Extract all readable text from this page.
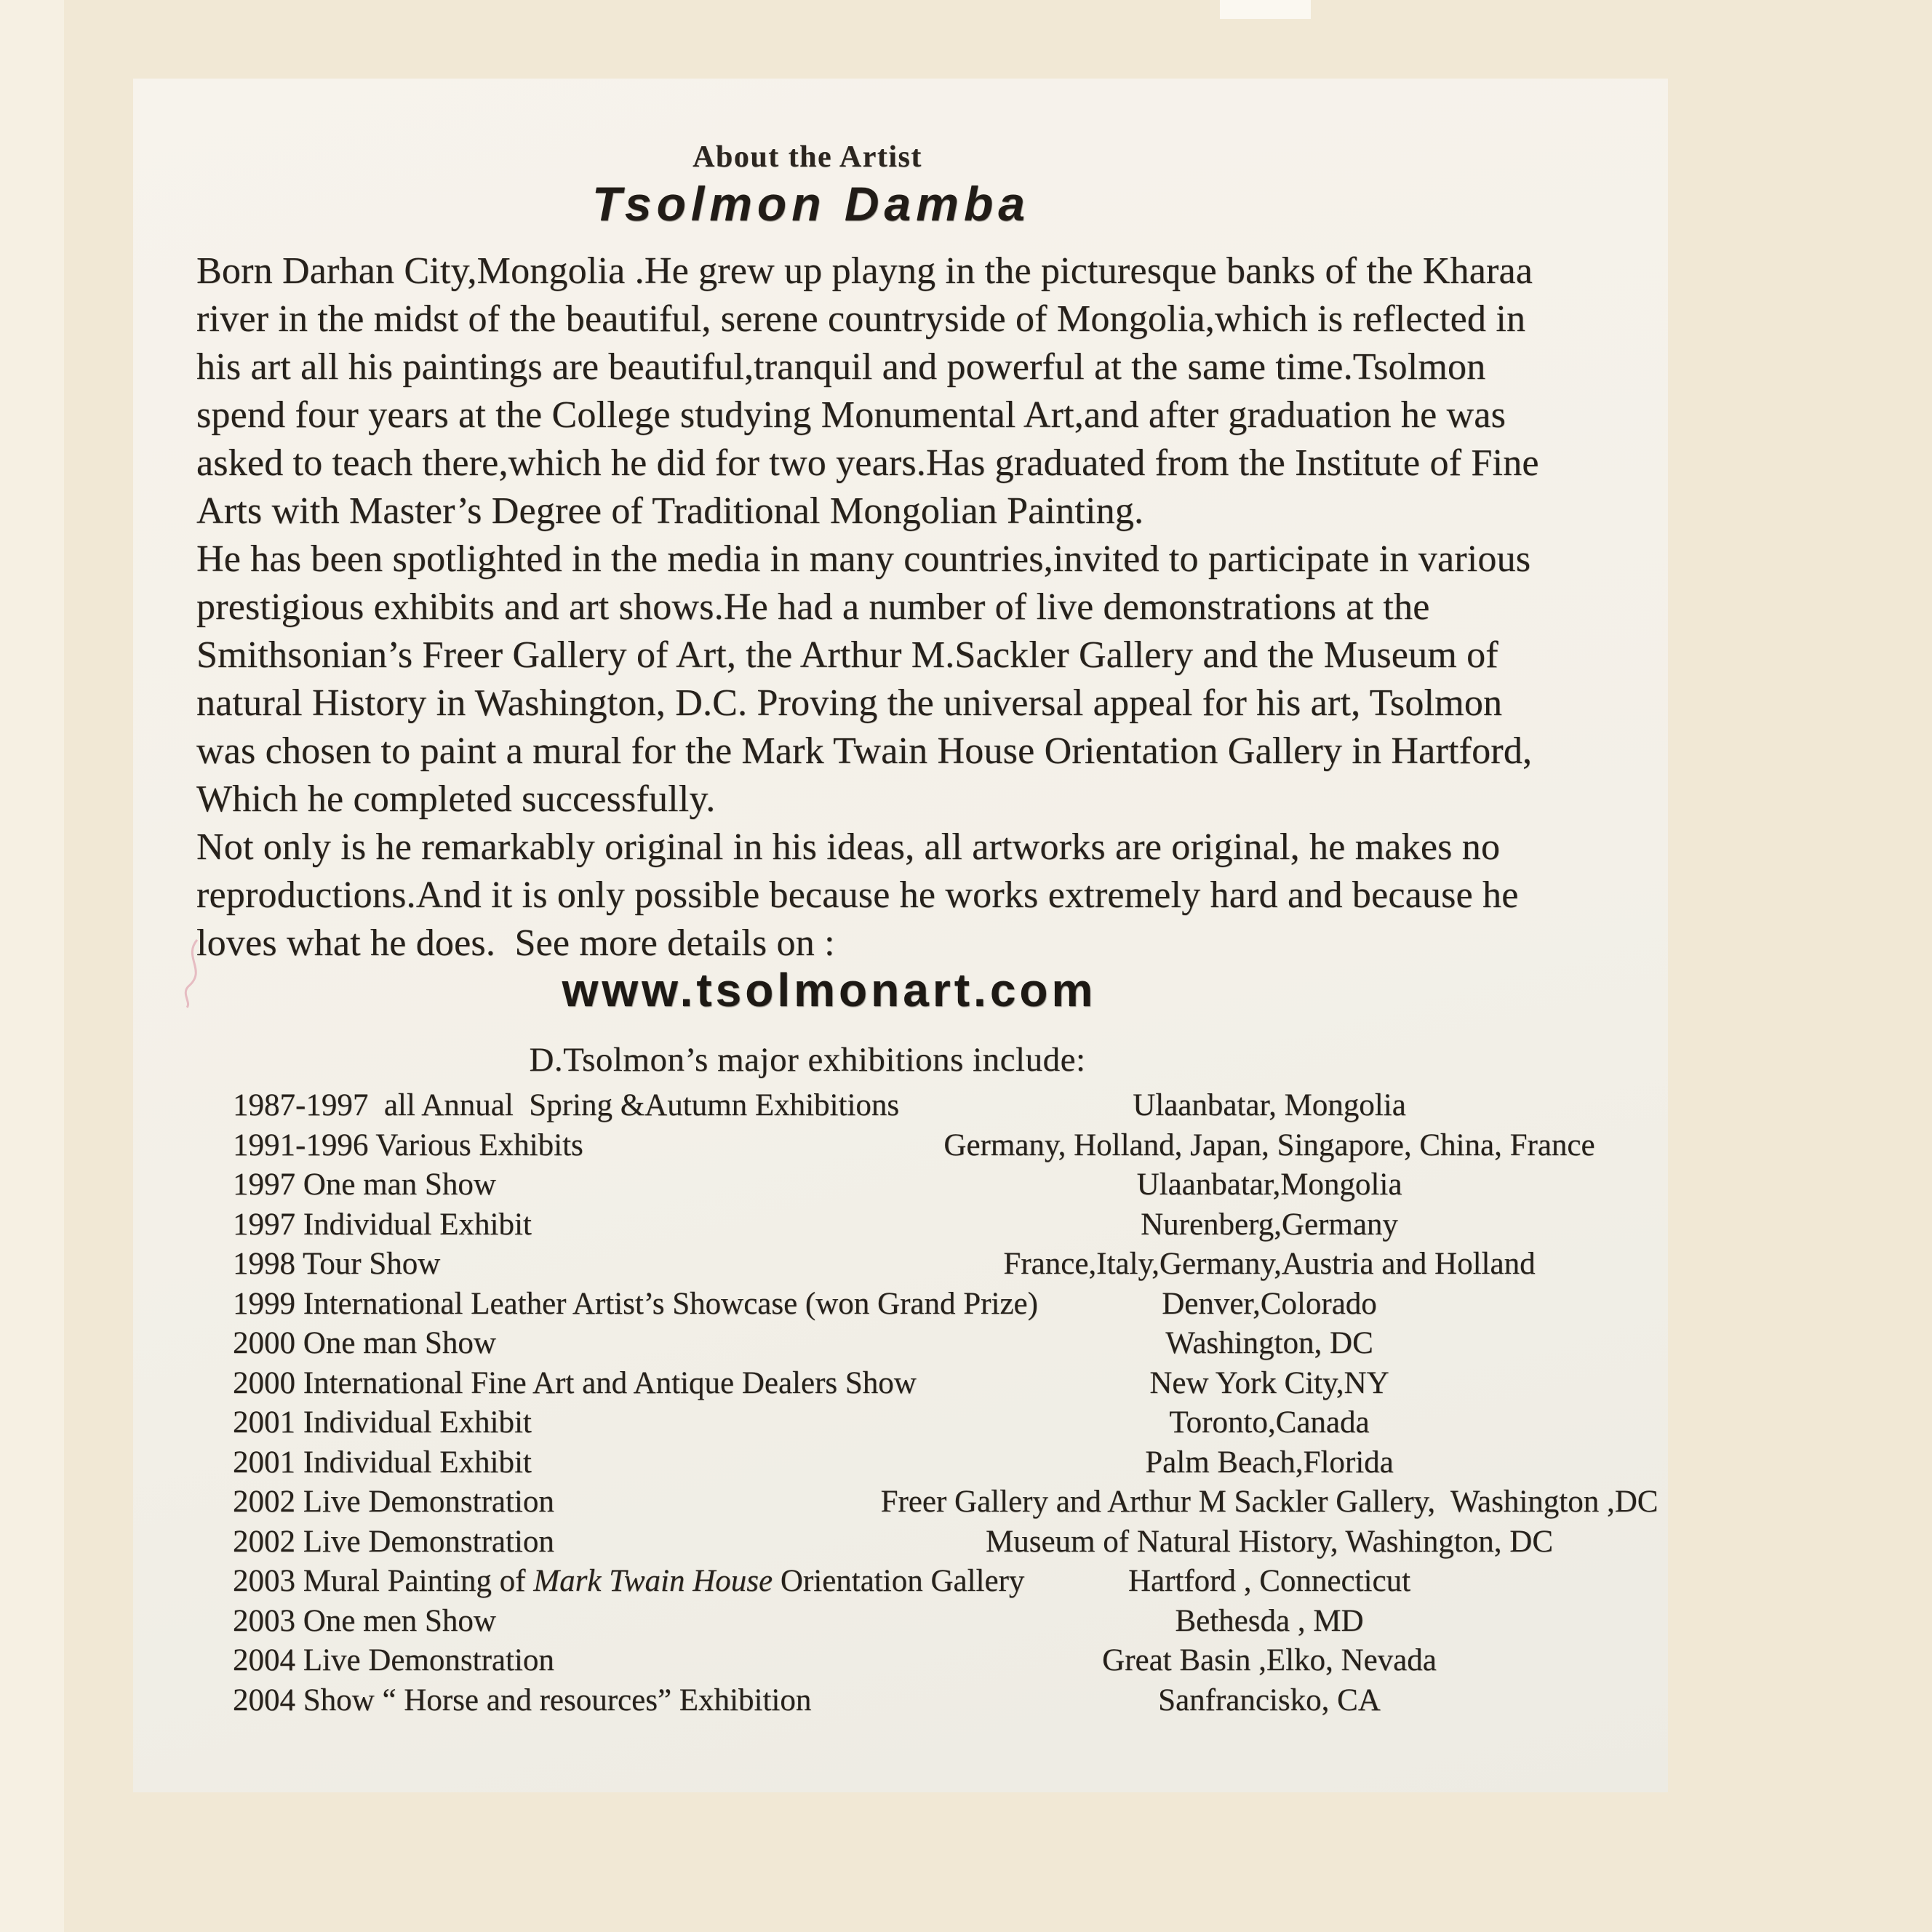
About the Artist
Tsolmon Damba
Born Darhan City,Mongolia .He grew up playng in the picturesque banks of the Kharaa
river in the midst of the beautiful, serene countryside of Mongolia,which is reflected in
his art all his paintings are beautiful,tranquil and powerful at the same time.Tsolmon
spend four years at the College studying Monumental Art,and after graduation he was
asked to teach there,which he did for two years.Has graduated from the Institute of Fine
Arts with Master’s Degree of Traditional Mongolian Painting.
He has been spotlighted in the media in many countries,invited to participate in various
prestigious exhibits and art shows.He had a number of live demonstrations at the
Smithsonian’s Freer Gallery of Art, the Arthur M.Sackler Gallery and the Museum of
natural History in Washington, D.C. Proving the universal appeal for his art, Tsolmon
was chosen to paint a mural for the Mark Twain House Orientation Gallery in Hartford,
Which he completed successfully.
Not only is he remarkably original in his ideas, all artworks are original, he makes no
reproductions.And it is only possible because he works extremely hard and because he
loves what he does.  See more details on :
www.tsolmonart.com
D.Tsolmon’s major exhibitions include:
1987-1997  all Annual  Spring &Autumn Exhibitions	Ulaanbatar, Mongolia
1991-1996 Various Exhibits	Germany, Holland, Japan, Singapore, China, France
1997 One man Show	Ulaanbatar,Mongolia
1997 Individual Exhibit	Nurenberg,Germany
1998 Tour Show	France,Italy,Germany,Austria and Holland
1999 International Leather Artist’s Showcase (won Grand Prize)	Denver,Colorado
2000 One man Show	Washington, DC
2000 International Fine Art and Antique Dealers Show	New York City,NY
2001 Individual Exhibit	Toronto,Canada
2001 Individual Exhibit	Palm Beach,Florida
2002 Live Demonstration	Freer Gallery and Arthur M Sackler Gallery,  Washington ,DC
2002 Live Demonstration	Museum of Natural History, Washington, DC
2003 Mural Painting of Mark Twain House Orientation Gallery	Hartford , Connecticut
2003 One men Show	Bethesda , MD
2004 Live Demonstration	Great Basin ,Elko, Nevada
2004 Show “ Horse and resources” Exhibition	Sanfrancisko, CA
